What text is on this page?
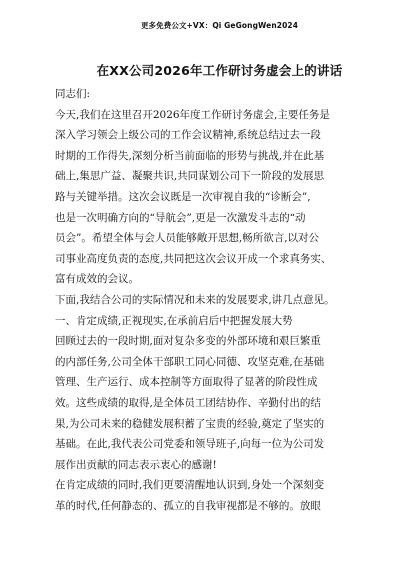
更多免费公文+VX：Qi GeGongWen2024
在XX公司2026年工作研讨务虚会上的讲话
同志们:
今天,我们在这里召开2026年度工作研讨务虚会,主要任务是
深入学习领会上级公司的工作会议精神,系统总结过去一段
时期的工作得失,深刻分析当前面临的形势与挑战,并在此基
础上,集思广益、凝聚共识,共同谋划公司下一阶段的发展思
路与关键举措。这次会议既是一次审视自我的“诊断会”,
也是一次明确方向的“导航会”,更是一次激发斗志的“动
员会”。希望全体与会人员能够敞开思想,畅所欲言,以对公
司事业高度负责的态度,共同把这次会议开成一个求真务实、
富有成效的会议。
下面,我结合公司的实际情况和未来的发展要求,讲几点意见。
一、肯定成绩,正视现实,在承前启后中把握发展大势
回顾过去的一段时期,面对复杂多变的外部环境和艰巨繁重
的内部任务,公司全体干部职工同心同德、攻坚克难,在基础
管理、生产运行、成本控制等方面取得了显著的阶段性成
效。这些成绩的取得,是全体员工团结协作、辛勤付出的结
果,为公司未来的稳健发展积蓄了宝贵的经验,奠定了坚实的
基础。在此,我代表公司党委和领导班子,向每一位为公司发
展作出贡献的同志表示衷心的感谢!
在肯定成绩的同时,我们更要清醒地认识到,身处一个深刻变
革的时代,任何静态的、孤立的自我审视都是不够的。放眼
